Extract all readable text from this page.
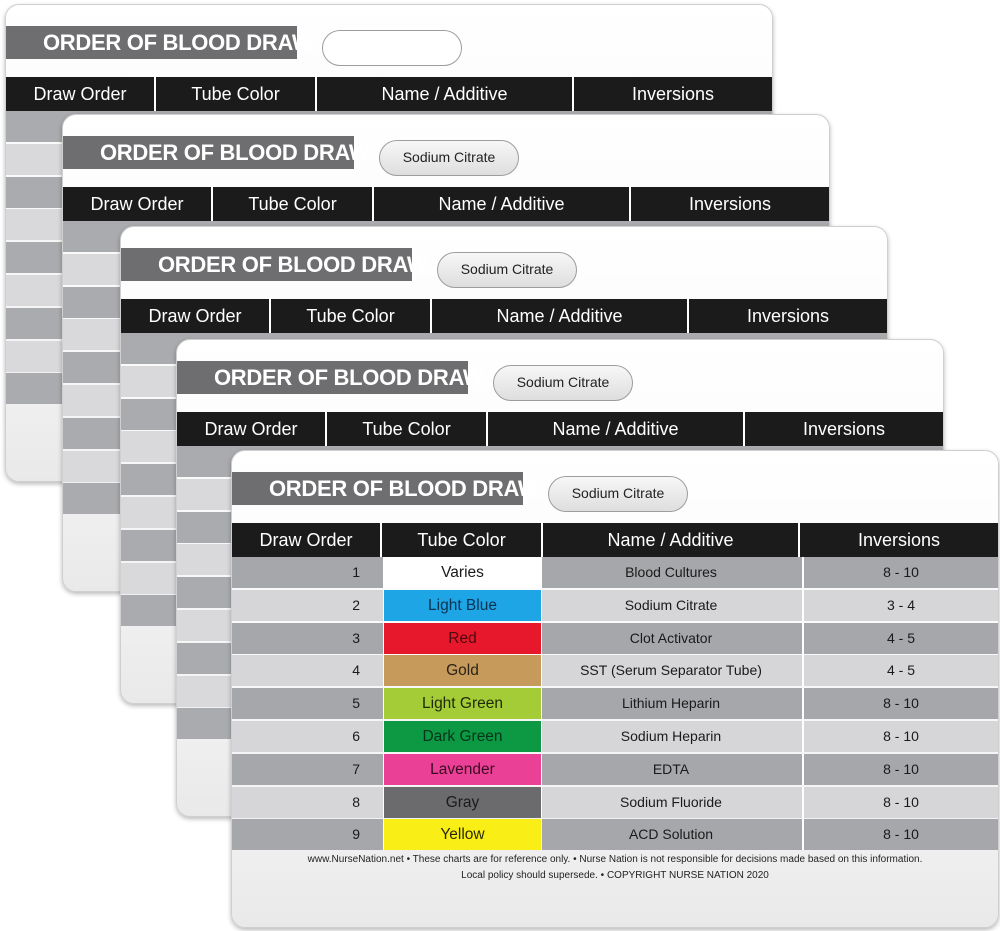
ORDER OF BLOOD DRAW
Draw Order	Tube Color	Name / Additive	Inversions
ORDER OF BLOOD DRAW	Sodium Citrate
Draw Order	Tube Color	Name / Additive	Inversions
ORDER OF BLOOD DRAW	Sodium Citrate
Draw Order	Tube Color	Name / Additive	Inversions
ORDER OF BLOOD DRAW	Sodium Citrate
Draw Order	Tube Color	Name / Additive	Inversions
ORDER OF BLOOD DRAW	Sodium Citrate
Draw Order	Tube Color	Name / Additive	Inversions
1	Varies	Blood Cultures	8 - 10
2	Light Blue	Sodium Citrate	3 - 4
3	Red	Clot Activator	4 - 5
4	Gold	SST (Serum Separator Tube)	4 - 5
5	Light Green	Lithium Heparin	8 - 10
6	Dark Green	Sodium Heparin	8 - 10
7	Lavender	EDTA	8 - 10
8	Gray	Sodium Fluoride	8 - 10
9	Yellow	ACD Solution	8 - 10
www.NurseNation.net • These charts are for reference only. • Nurse Nation is not responsible for decisions made based on this information.
Local policy should supersede. • COPYRIGHT NURSE NATION 2020
